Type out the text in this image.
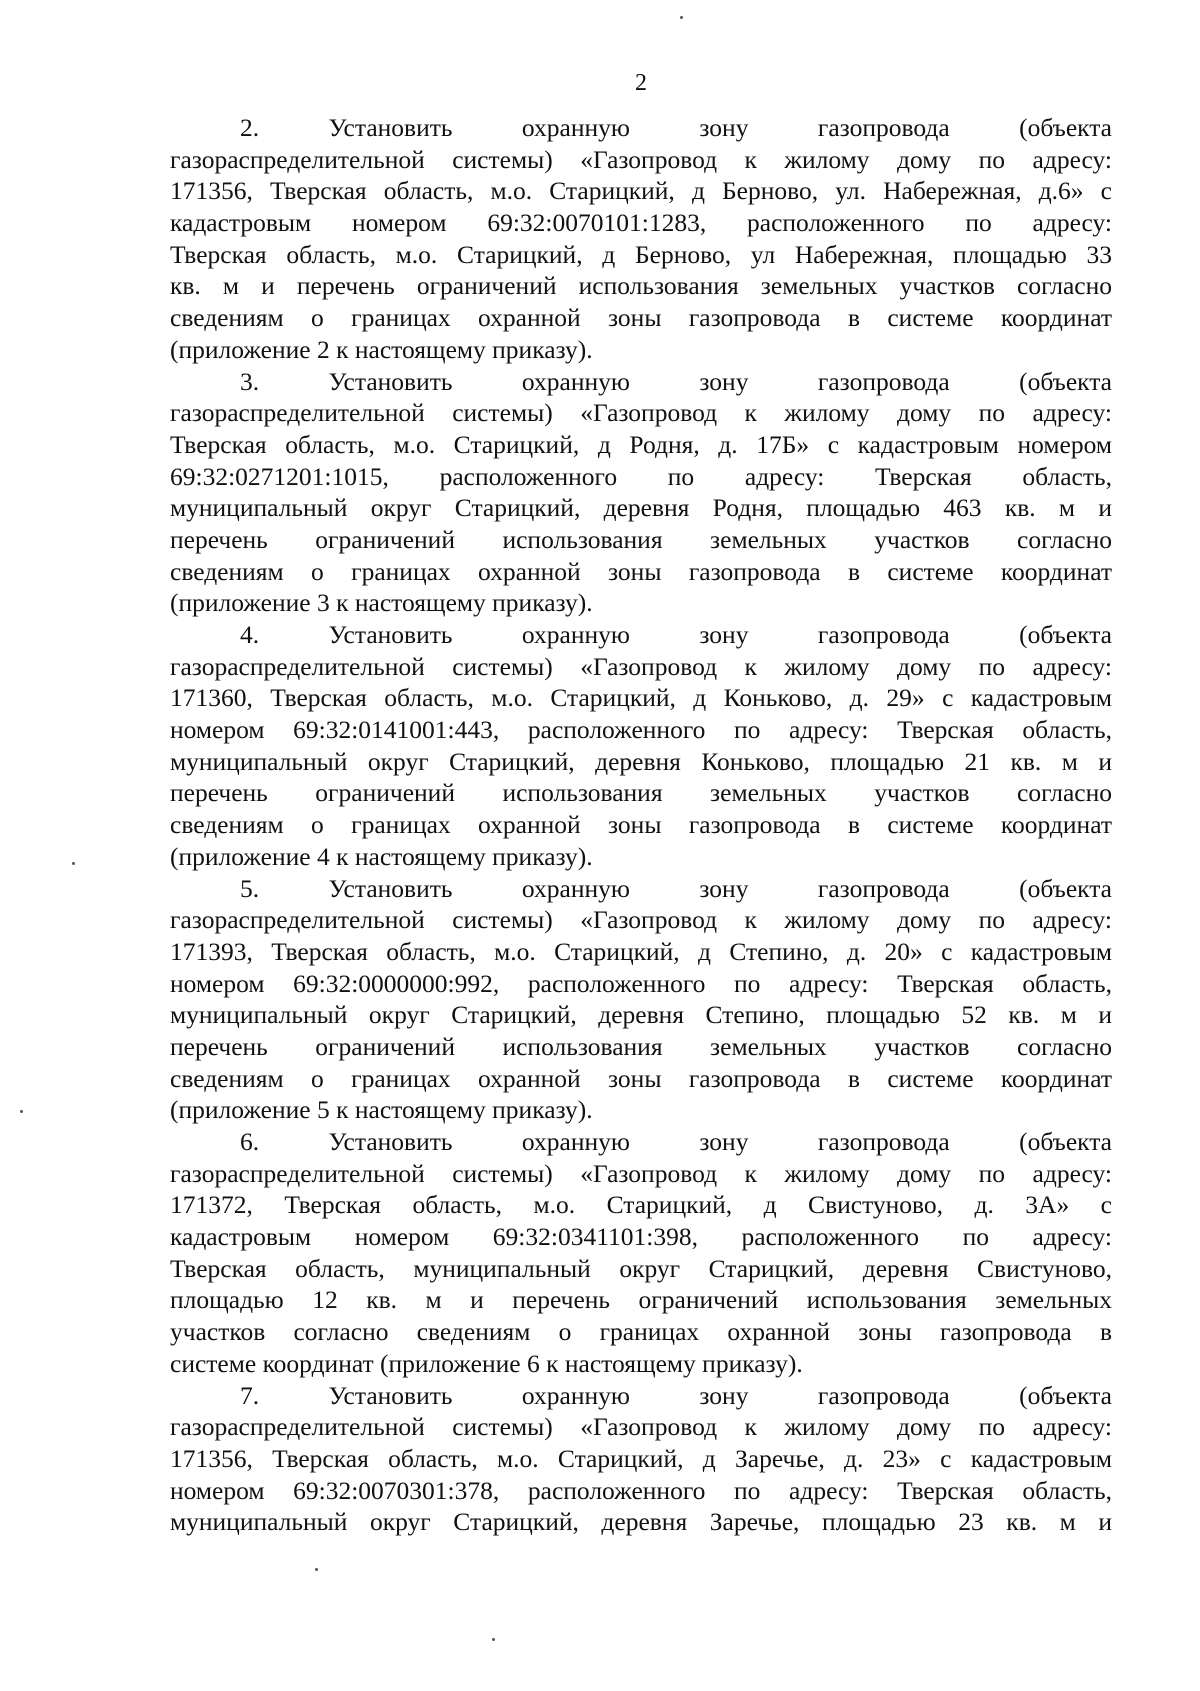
2
2. Установить охранную зону газопровода (объекта
газораспределительной системы) «Газопровод к жилому дому по адресу:
171356, Тверская область, м.о. Старицкий, д Берново, ул. Набережная, д.6» с
кадастровым номером 69:32:0070101:1283, расположенного по адресу:
Тверская область, м.о. Старицкий, д Берново, ул Набережная, площадью 33
кв. м и перечень ограничений использования земельных участков согласно
сведениям о границах охранной зоны газопровода в системе координат
(приложение 2 к настоящему приказу).
3. Установить охранную зону газопровода (объекта
газораспределительной системы) «Газопровод к жилому дому по адресу:
Тверская область, м.о. Старицкий, д Родня, д. 17Б» с кадастровым номером
69:32:0271201:1015, расположенного по адресу: Тверская область,
муниципальный округ Старицкий, деревня Родня, площадью 463 кв. м и
перечень ограничений использования земельных участков согласно
сведениям о границах охранной зоны газопровода в системе координат
(приложение 3 к настоящему приказу).
4. Установить охранную зону газопровода (объекта
газораспределительной системы) «Газопровод к жилому дому по адресу:
171360, Тверская область, м.о. Старицкий, д Коньково, д. 29» с кадастровым
номером 69:32:0141001:443, расположенного по адресу: Тверская область,
муниципальный округ Старицкий, деревня Коньково, площадью 21 кв. м и
перечень ограничений использования земельных участков согласно
сведениям о границах охранной зоны газопровода в системе координат
(приложение 4 к настоящему приказу).
5. Установить охранную зону газопровода (объекта
газораспределительной системы) «Газопровод к жилому дому по адресу:
171393, Тверская область, м.о. Старицкий, д Степино, д. 20» с кадастровым
номером 69:32:0000000:992, расположенного по адресу: Тверская область,
муниципальный округ Старицкий, деревня Степино, площадью 52 кв. м и
перечень ограничений использования земельных участков согласно
сведениям о границах охранной зоны газопровода в системе координат
(приложение 5 к настоящему приказу).
6. Установить охранную зону газопровода (объекта
газораспределительной системы) «Газопровод к жилому дому по адресу:
171372, Тверская область, м.о. Старицкий, д Свистуново, д. 3А» с
кадастровым номером 69:32:0341101:398, расположенного по адресу:
Тверская область, муниципальный округ Старицкий, деревня Свистуново,
площадью 12 кв. м и перечень ограничений использования земельных
участков согласно сведениям о границах охранной зоны газопровода в
системе координат (приложение 6 к настоящему приказу).
7. Установить охранную зону газопровода (объекта
газораспределительной системы) «Газопровод к жилому дому по адресу:
171356, Тверская область, м.о. Старицкий, д Заречье, д. 23» с кадастровым
номером 69:32:0070301:378, расположенного по адресу: Тверская область,
муниципальный округ Старицкий, деревня Заречье, площадью 23 кв. м и
